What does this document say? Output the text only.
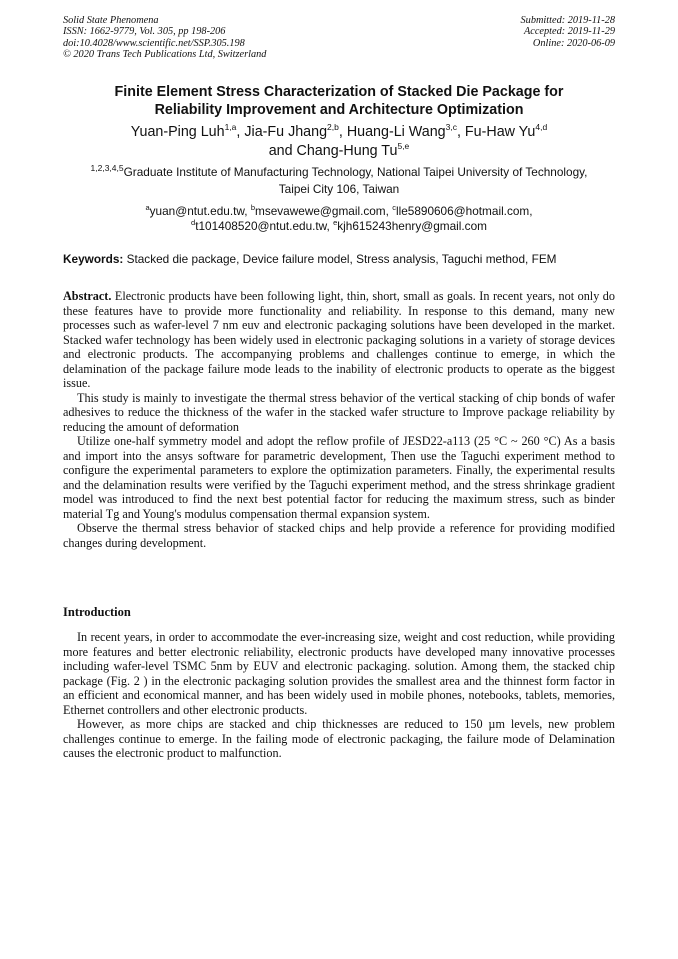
Solid State Phenomena
ISSN: 1662-9779, Vol. 305, pp 198-206
doi:10.4028/www.scientific.net/SSP.305.198
© 2020 Trans Tech Publications Ltd, Switzerland
Submitted: 2019-11-28
Accepted: 2019-11-29
Online: 2020-06-09
Finite Element Stress Characterization of Stacked Die Package for
Reliability Improvement and Architecture Optimization
Yuan-Ping Luh$^{1,a}$, Jia-Fu Jhang$^{2,b}$, Huang-Li Wang$^{3,c}$, Fu-Haw Yu$^{4,d}$
and Chang-Hung Tu$^{5,e}$
$^{1,2,3,4,5}$Graduate Institute of Manufacturing Technology, National Taipei University of Technology,
Taipei City 106, Taiwan
$^a$yuan@ntut.edu.tw, $^b$msevawewe@gmail.com, $^c$lle5890606@hotmail.com,
$^d$t101408520@ntut.edu.tw, $^e$kjh615243henry@gmail.com
Keywords: Stacked die package, Device failure model, Stress analysis, Taguchi method, FEM

Abstract. Electronic products have been following light, thin, short, small as goals. In recent years, not only do these features have to provide more functionality and reliability. In response to this demand, many new processes such as wafer-level 7 nm euv and electronic packaging solutions have been developed in the market. Stacked wafer technology has been widely used in electronic packaging solutions in a variety of storage devices and electronic products. The accompanying problems and challenges continue to emerge, in which the delamination of the package failure mode leads to the inability of electronic products to operate as the biggest issue.

This study is mainly to investigate the thermal stress behavior of the vertical stacking of chip bonds of wafer adhesives to reduce the thickness of the wafer in the stacked wafer structure to Improve package reliability by reducing the amount of deformation

Utilize one-half symmetry model and adopt the reflow profile of JESD22-a113 (25 °C ~ 260 °C) As a basis and import into the ansys software for parametric development, Then use the Taguchi experiment method to configure the experimental parameters to explore the optimization parameters. Finally, the experimental results and the delamination results were verified by the Taguchi experiment method, and the stress shrinkage gradient model was introduced to find the next best potential factor for reducing the maximum stress, such as binder material Tg and Young's modulus compensation thermal expansion system.

Observe the thermal stress behavior of stacked chips and help provide a reference for providing modified changes during development.

Introduction

In recent years, in order to accommodate the ever-increasing size, weight and cost reduction, while providing more features and better electronic reliability, electronic products have developed many innovative processes including wafer-level TSMC 5nm by EUV and electronic packaging. solution. Among them, the stacked chip package (Fig. 2 ) in the electronic packaging solution provides the smallest area and the thinnest form factor in an efficient and economical manner, and has been widely used in mobile phones, notebooks, tablets, memories, Ethernet controllers and other electronic products.

However, as more chips are stacked and chip thicknesses are reduced to 150 µm levels, new problem challenges continue to emerge. In the failing mode of electronic packaging, the failure mode of Delamination causes the electronic product to malfunction.
